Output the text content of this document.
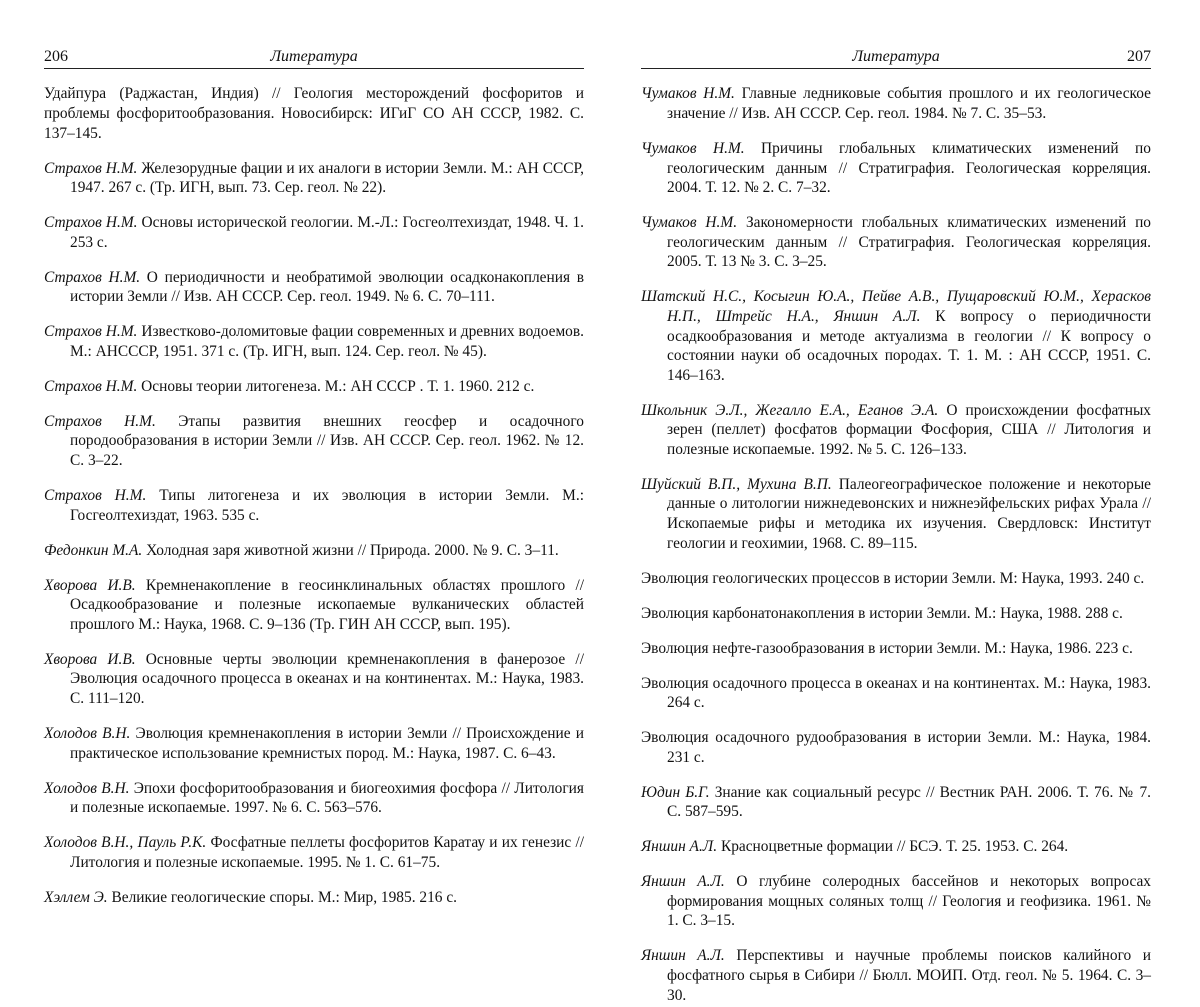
206	Литература

Удайпура (Раджастан, Индия) // Геология месторождений фосфоритов и проблемы фосфоритообразования. Новосибирск: ИГиГ СО АН СССР, 1982. С. 137–145.

Страхов Н.М. Железорудные фации и их аналоги в истории Земли. М.: АН СССР, 1947. 267 с. (Тр. ИГН, вып. 73. Сер. геол. № 22).

Страхов Н.М. Основы исторической геологии. М.-Л.: Госгеолтехиздат, 1948. Ч. 1. 253 с.

Страхов Н.М. О периодичности и необратимой эволюции осадконакопления в истории Земли // Изв. АН СССР. Сер. геол. 1949. № 6. С. 70–111.

Страхов Н.М. Известково-доломитовые фации современных и древних водоемов. М.: АНСССР, 1951. 371 с. (Тр. ИГН, вып. 124. Сер. геол. № 45).

Страхов Н.М. Основы теории литогенеза. М.: АН СССР . Т. 1. 1960. 212 с.

Страхов Н.М. Этапы развития внешних геосфер и осадочного породообразования в истории Земли // Изв. АН СССР. Сер. геол. 1962. № 12. С. 3–22.

Страхов Н.М. Типы литогенеза и их эволюция в истории Земли. М.: Госгеолтехиздат, 1963. 535 с.

Федонкин М.А. Холодная заря животной жизни // Природа. 2000. № 9. С. 3–11.

Хворова И.В. Кремненакопление в геосинклинальных областях прошлого // Осадкообразование и полезные ископаемые вулканических областей прошлого М.: Наука, 1968. С. 9–136 (Тр. ГИН АН СССР, вып. 195).

Хворова И.В. Основные черты эволюции кремненакопления в фанерозое // Эволюция осадочного процесса в океанах и на континентах. М.: Наука, 1983. С. 111–120.

Холодов В.Н. Эволюция кремненакопления в истории Земли // Происхождение и практическое использование кремнистых пород. М.: Наука, 1987. С. 6–43.

Холодов В.Н. Эпохи фосфоритообразования и биогеохимия фосфора // Литология и полезные ископаемые. 1997. № 6. С. 563–576.

Холодов В.Н., Пауль Р.К. Фосфатные пеллеты фосфоритов Каратау и их генезис // Литология и полезные ископаемые. 1995. № 1. С. 61–75.

Хэллем Э. Великие геологические споры. М.: Мир, 1985. 216 с.

Литература	207

Чумаков Н.М. Главные ледниковые события прошлого и их геологическое значение // Изв. АН СССР. Сер. геол. 1984. № 7. С. 35–53.

Чумаков Н.М. Причины глобальных климатических изменений по геологическим данным // Стратиграфия. Геологическая корреляция. 2004. Т. 12. № 2. С. 7–32.

Чумаков Н.М. Закономерности глобальных климатических изменений по геологическим данным // Стратиграфия. Геологическая корреляция. 2005. Т. 13 № 3. С. 3–25.

Шатский Н.С., Косыгин Ю.А., Пейве А.В., Пущаровский Ю.М., Херасков Н.П., Штрейс Н.А., Яншин А.Л. К вопросу о периодичности осадкообразования и методе актуализма в геологии // К вопросу о состоянии науки об осадочных породах. Т. 1. М. : АН СССР, 1951. С. 146–163.

Школьник Э.Л., Жегалло Е.А., Еганов Э.А. О происхождении фосфатных зерен (пеллет) фосфатов формации Фосфория, США // Литология и полезные ископаемые. 1992. № 5. С. 126–133.

Шуйский В.П., Мухина В.П. Палеогеографическое положение и некоторые данные о литологии нижнедевонских и нижнеэйфельских рифах Урала // Ископаемые рифы и методика их изучения. Свердловск: Институт геологии и геохимии, 1968. С. 89–115.

Эволюция геологических процессов в истории Земли. М: Наука, 1993. 240 с.

Эволюция карбонатонакопления в истории Земли. М.: Наука, 1988. 288 с.

Эволюция нефте-газообразования в истории Земли. М.: Наука, 1986. 223 с.

Эволюция осадочного процесса в океанах и на континентах. М.: Наука, 1983. 264 с.

Эволюция осадочного рудообразования в истории Земли. М.: Наука, 1984. 231 с.

Юдин Б.Г. Знание как социальный ресурс // Вестник РАН. 2006. Т. 76. № 7. С. 587–595.

Яншин А.Л. Красноцветные формации // БСЭ. Т. 25. 1953. С. 264.

Яншин А.Л. О глубине солеродных бассейнов и некоторых вопросах формирования мощных соляных толщ // Геология и геофизика. 1961. № 1. С. 3–15.

Яншин А.Л. Перспективы и научные проблемы поисков калийного и фосфатного сырья в Сибири // Бюлл. МОИП. Отд. геол. № 5. 1964. С. 3–30.
